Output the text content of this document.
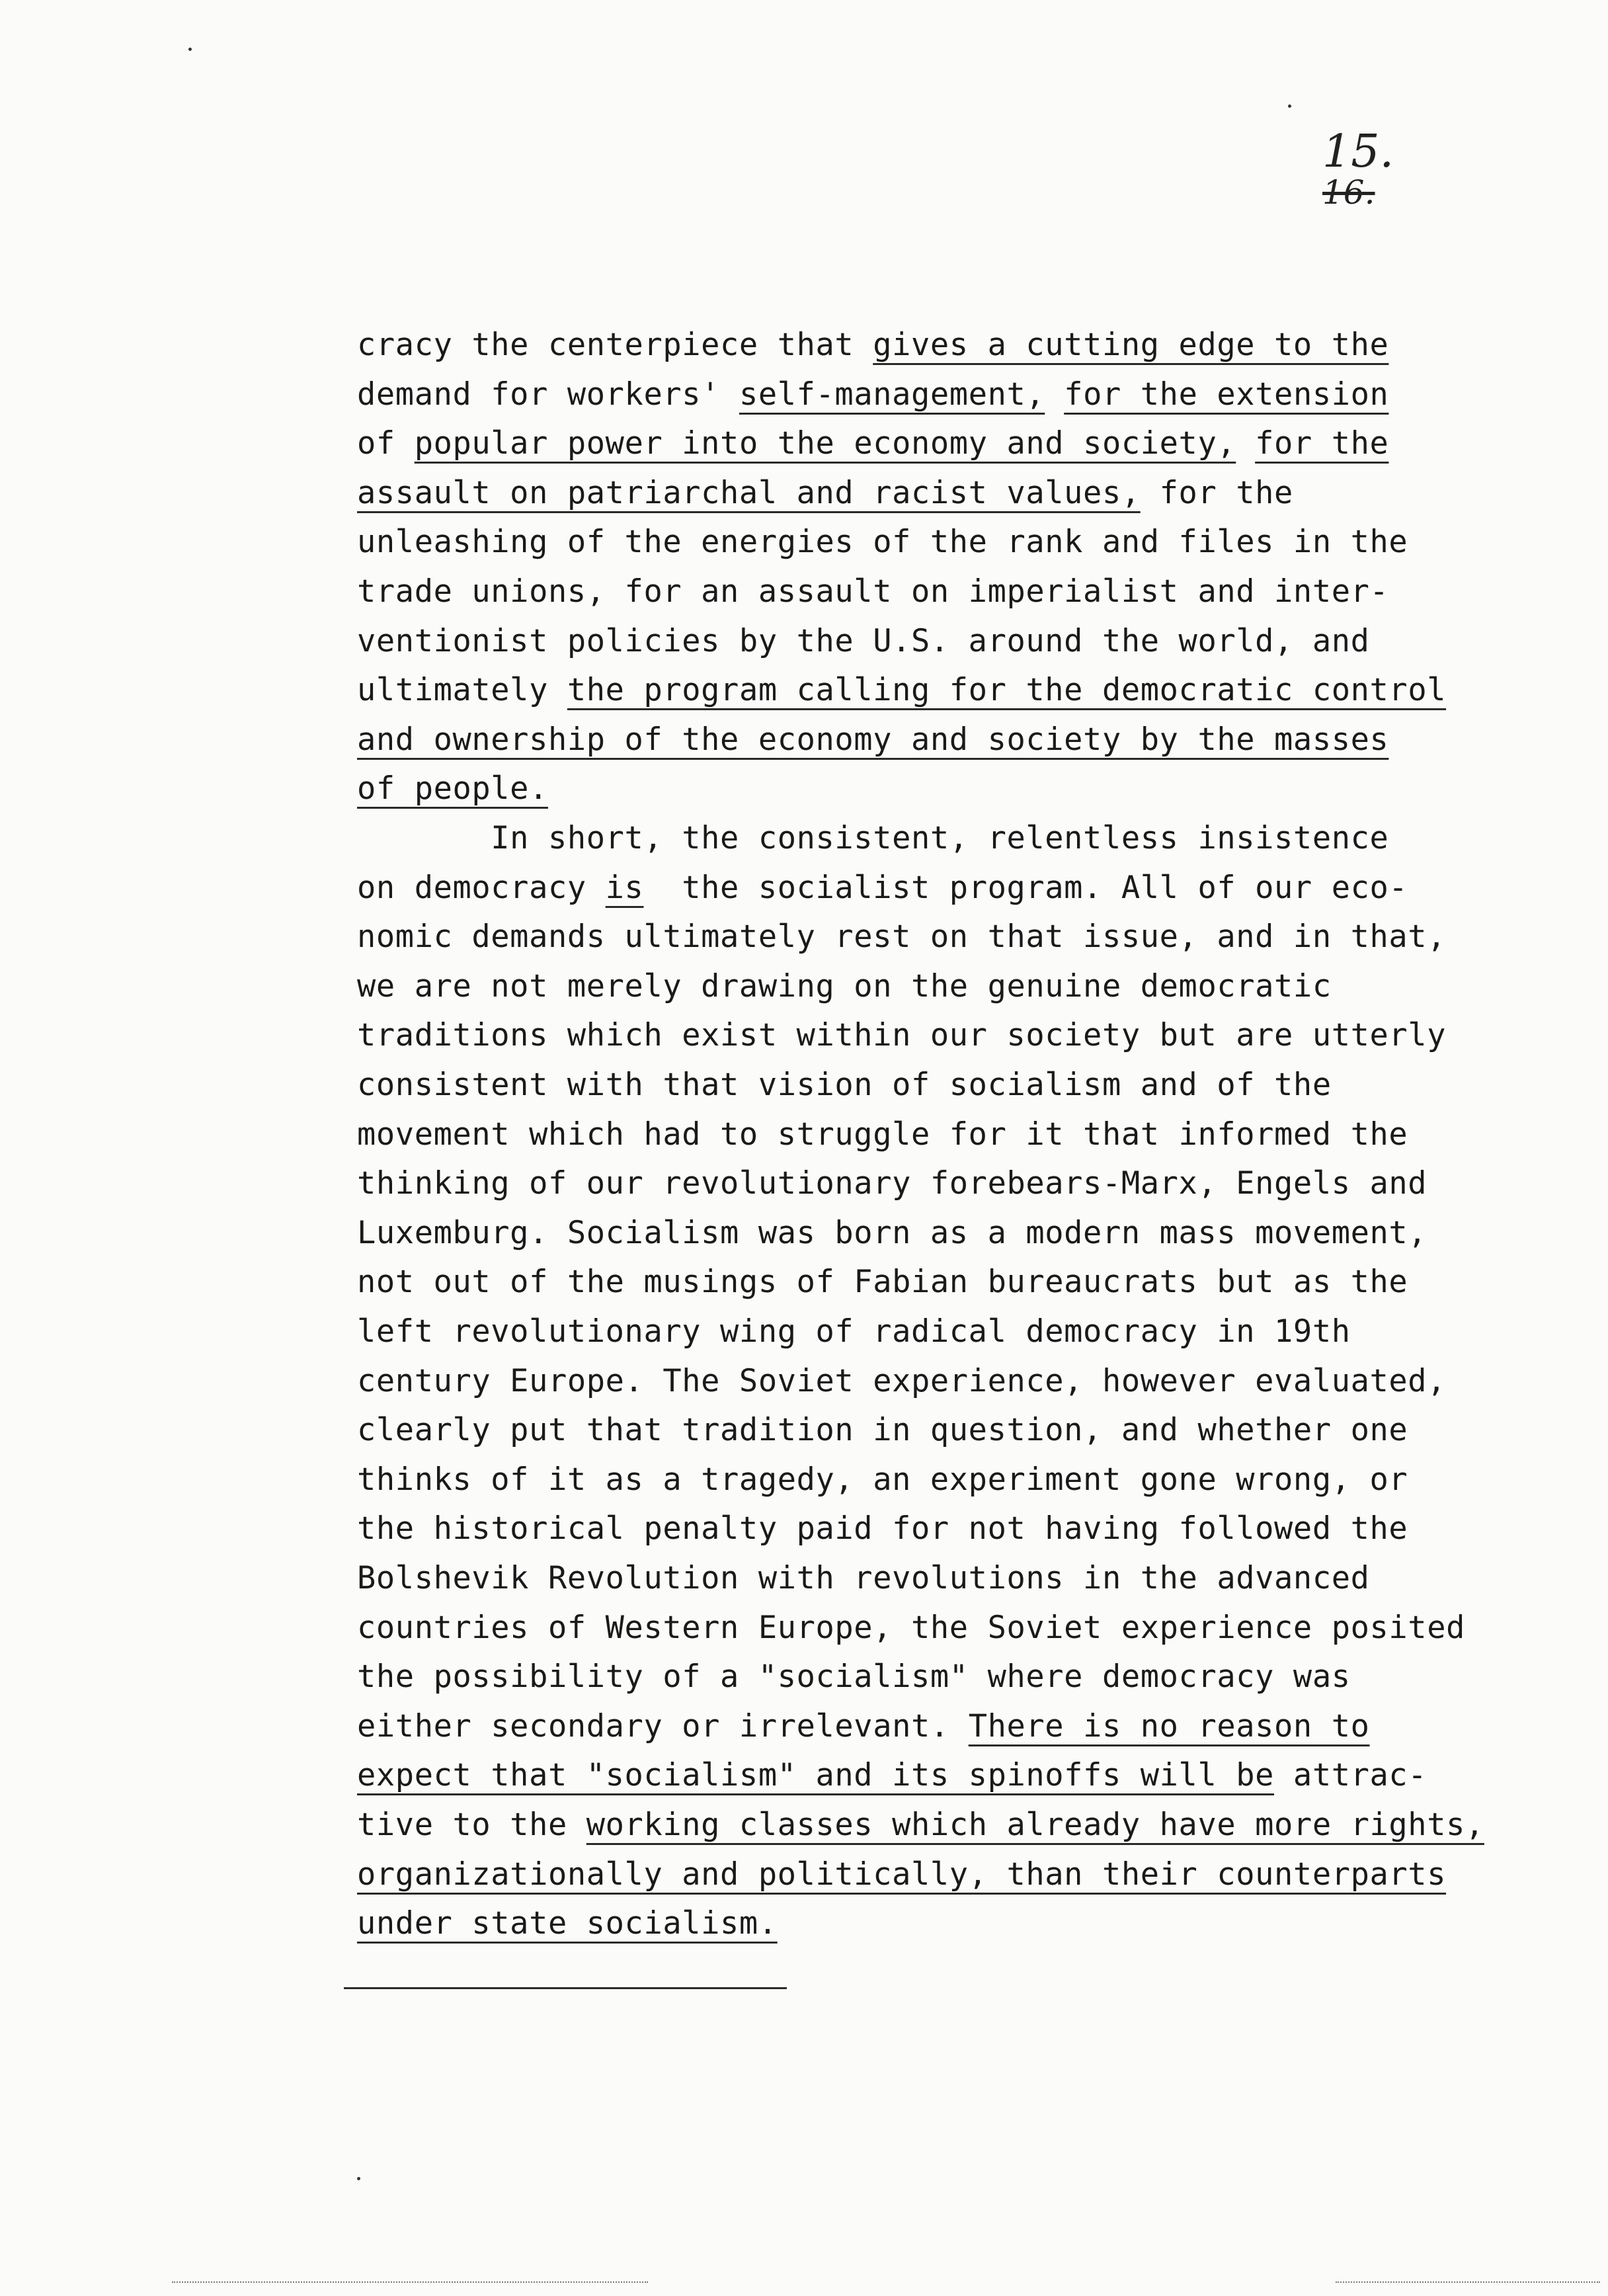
15.
16.

cracy the centerpiece that gives a cutting edge to the

demand for workers' self-management, for the extension

of popular power into the economy and society, for the

assault on patriarchal and racist values, for the

unleashing of the energies of the rank and files in the

trade unions, for an assault on imperialist and inter-

ventionist policies by the U.S. around the world, and

ultimately the program calling for the democratic control

and ownership of the economy and society by the masses

of people.

In short, the consistent, relentless insistence

on democracy is  the socialist program. All of our eco-

nomic demands ultimately rest on that issue, and in that,

we are not merely drawing on the genuine democratic

traditions which exist within our society but are utterly

consistent with that vision of socialism and of the

movement which had to struggle for it that informed the

thinking of our revolutionary forebears-Marx, Engels and

Luxemburg. Socialism was born as a modern mass movement,

not out of the musings of Fabian bureaucrats but as the

left revolutionary wing of radical democracy in 19th

century Europe. The Soviet experience, however evaluated,

clearly put that tradition in question, and whether one

thinks of it as a tragedy, an experiment gone wrong, or

the historical penalty paid for not having followed the

Bolshevik Revolution with revolutions in the advanced

countries of Western Europe, the Soviet experience posited

the possibility of a "socialism" where democracy was

either secondary or irrelevant. There is no reason to

expect that "socialism" and its spinoffs will be attrac-

tive to the working classes which already have more rights,

organizationally and politically, than their counterparts

under state socialism.
